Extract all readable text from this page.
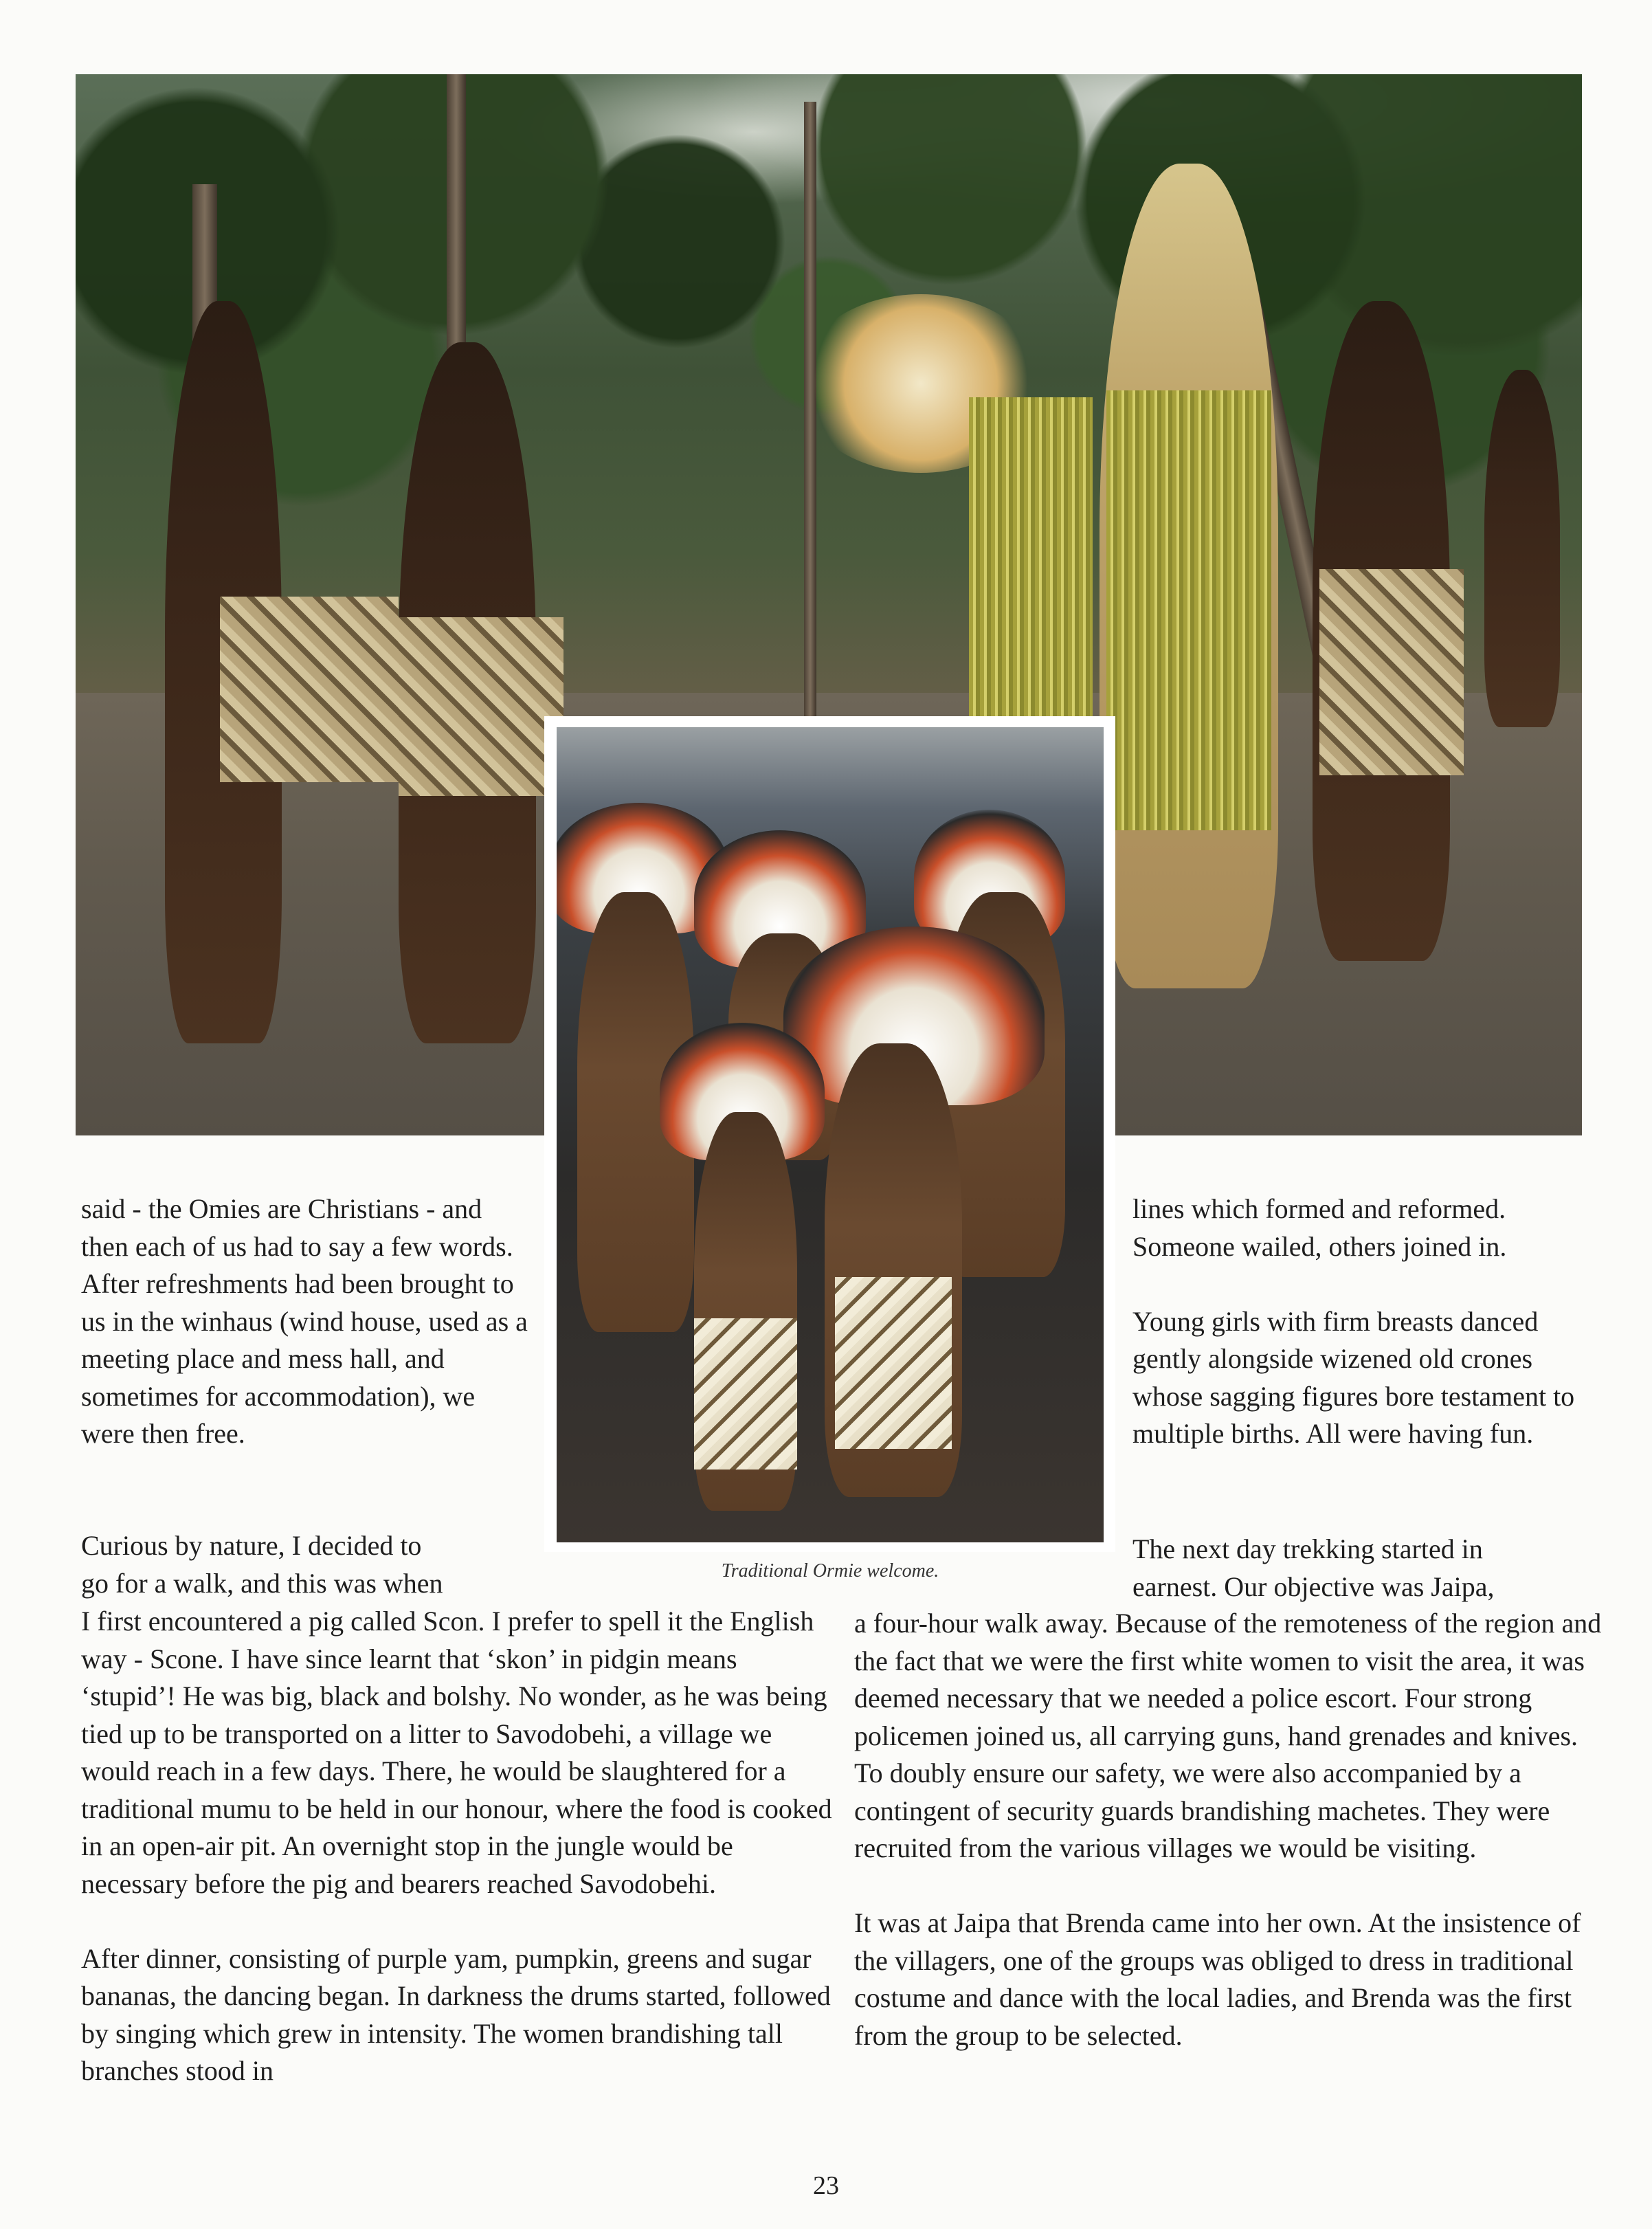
Traditional Ormie welcome.

said - the Omies are Christians - and then each of us had to say a few words. After refreshments had been brought to us in the winhaus (wind house, used as a meeting place and mess hall, and sometimes for accommodation), we were then free.

lines which formed and reformed. Someone wailed, others joined in.

Young girls with firm breasts danced gently alongside wizened old crones whose sagging figures bore testament to multiple births. All were having fun.

Curious by nature, I decided to
go for a walk, and this was when
The next day trekking started in
earnest. Our objective was Jaipa,

I first encountered a pig called Scon. I prefer to spell it the English way - Scone. I have since learnt that ‘skon’ in pidgin means ‘stupid’! He was big, black and bolshy. No wonder, as he was being tied up to be transported on a litter to Savodobehi, a village we would reach in a few days. There, he would be slaughtered for a traditional mumu to be held in our honour, where the food is cooked in an open-air pit. An overnight stop in the jungle would be necessary before the pig and bearers reached Savodobehi.

After dinner, consisting of purple yam, pumpkin, greens and sugar bananas, the dancing began. In darkness the drums started, followed by singing which grew in intensity. The women brandishing tall branches stood in

a four-hour walk away. Because of the remoteness of the region and the fact that we were the first white women to visit the area, it was deemed necessary that we needed a police escort. Four strong policemen joined us, all carrying guns, hand grenades and knives. To doubly ensure our safety, we were also accompanied by a contingent of security guards brandishing machetes. They were recruited from the various villages we would be visiting.

It was at Jaipa that Brenda came into her own. At the insistence of the villagers, one of the groups was obliged to dress in traditional costume and dance with the local ladies, and Brenda was the first from the group to be selected.

23
